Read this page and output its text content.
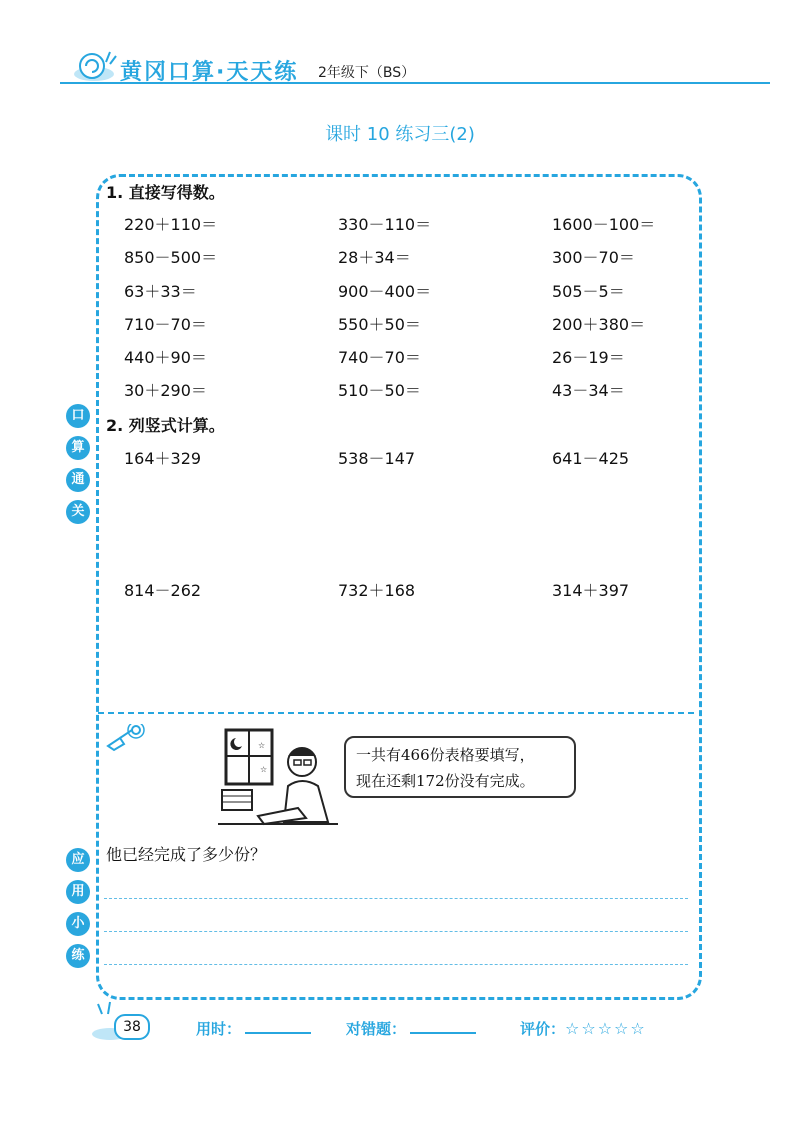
黄冈口算·天天练 2年级下（BS）
课时 10 练习三(2)
口
算
通
关
1. 直接写得数。
220＋110＝	330－110＝	1600－100＝
850－500＝	28＋34＝	300－70＝
63＋33＝	900－400＝	505－5＝
710－70＝	550＋50＝	200＋380＝
440＋90＝	740－70＝	26－19＝
30＋290＝	510－50＝	43－34＝
2. 列竖式计算。
164＋329	538－147	641－425
814－262	732＋168	314＋397
☆
☆
一共有466份表格要填写，
现在还剩172份没有完成。
应
用
小
练
他已经完成了多少份？
38	用时：	对错题：	评价：☆☆☆☆☆
